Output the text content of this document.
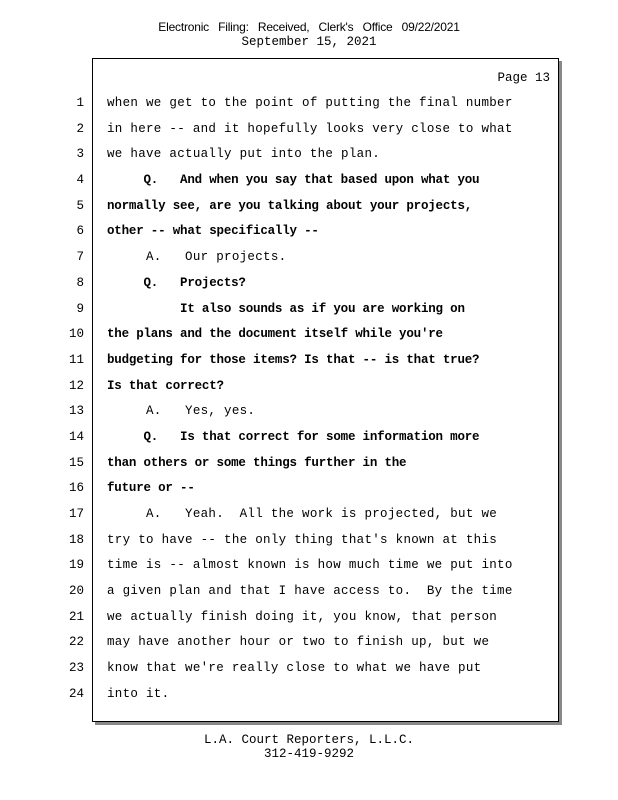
Electronic Filing: Received, Clerk's Office 09/22/2021
September 15, 2021
Page 13
1
2
3
4
5
6
7
8
9
10
11
12
13
14
15
16
17
18
19
20
21
22
23
24
when we get to the point of putting the final number
in here -- and it hopefully looks very close to what
we have actually put into the plan.
Q.   And when you say that based upon what you
normally see, are you talking about your projects,
other -- what specifically --
A.   Our projects.
Q.   Projects?
It also sounds as if you are working on
the plans and the document itself while you're
budgeting for those items? Is that -- is that true?
Is that correct?
A.   Yes, yes.
Q.   Is that correct for some information more
than others or some things further in the
future or --
A.   Yeah.  All the work is projected, but we
try to have -- the only thing that's known at this
time is -- almost known is how much time we put into
a given plan and that I have access to.  By the time
we actually finish doing it, you know, that person
may have another hour or two to finish up, but we
know that we're really close to what we have put
into it.
L.A. Court Reporters, L.L.C.
312-419-9292
